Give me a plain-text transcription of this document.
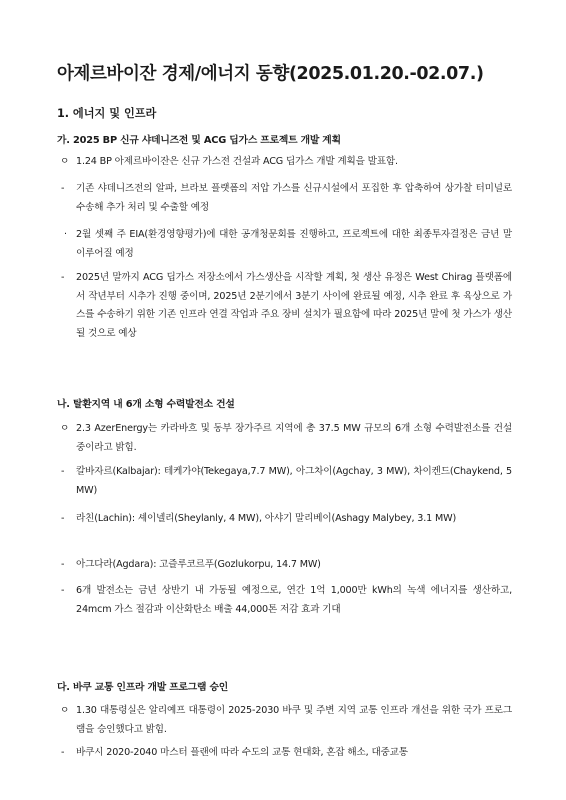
아제르바이잔 경제/에너지 동향(2025.01.20.-02.07.)
1. 에너지 및 인프라
가. 2025 BP 신규 샤데니즈전 및 ACG 딥가스 프로젝트 개발 계획
ㅇ 1.24 BP 아제르바이잔은 신규 가스전 건설과 ACG 딥가스 개발 계획을 발표함.
- 기존 샤데니즈전의 알파, 브라보 플랫폼의 저압 가스를 신규시설에서 포집한 후 압축하여 상가찰 터미널로 수송해 추가 처리 및 수출할 예정
· 2월 셋째 주 EIA(환경영향평가)에 대한 공개청문회를 진행하고, 프로젝트에 대한 최종투자결정은 금년 말 이루어질 예정
- 2025년 말까지 ACG 딥가스 저장소에서 가스생산을 시작할 계획, 첫 생산 유정은 West Chirag 플랫폼에서 작년부터 시추가 진행 중이며, 2025년 2분기에서 3분기 사이에 완료될 예정, 시추 완료 후 육상으로 가스를 수송하기 위한 기존 인프라 연결 작업과 주요 장비 설치가 필요함에 따라 2025년 말에 첫 가스가 생산될 것으로 예상
나. 탈환지역 내 6개 소형 수력발전소 건설
ㅇ 2.3 AzerEnergy는 카라바흐 및 동부 장가주르 지역에 총 37.5 MW 규모의 6개 소형 수력발전소를 건설 중이라고 밝힘.
- 칼바자르(Kalbajar): 테케가야(Tekegaya,7.7 MW), 아그차이(Agchay, 3 MW), 차이켄드(Chaykend, 5 MW)
- 라친(Lachin): 셰이넬리(Sheylanly, 4 MW), 아샤기 말리베이(Ashagy Malybey, 3.1 MW)
- 아그다라(Agdara): 고즐루코르푸(Gozlukorpu, 14.7 MW)
- 6개 발전소는 금년 상반기 내 가동될 예정으로, 연간 1억 1,000만 kWh의 녹색 에너지를 생산하고, 24mcm 가스 절감과 이산화탄소 배출 44,000톤 저감 효과 기대
다. 바쿠 교통 인프라 개발 프로그램 승인
ㅇ 1.30 대통령실은 알리예프 대통령이 2025-2030 바쿠 및 주변 지역 교통 인프라 개선을 위한 국가 프로그램을 승인했다고 밝힘.
- 바쿠시 2020-2040 마스터 플랜에 따라 수도의 교통 현대화, 혼잡 해소, 대중교통
